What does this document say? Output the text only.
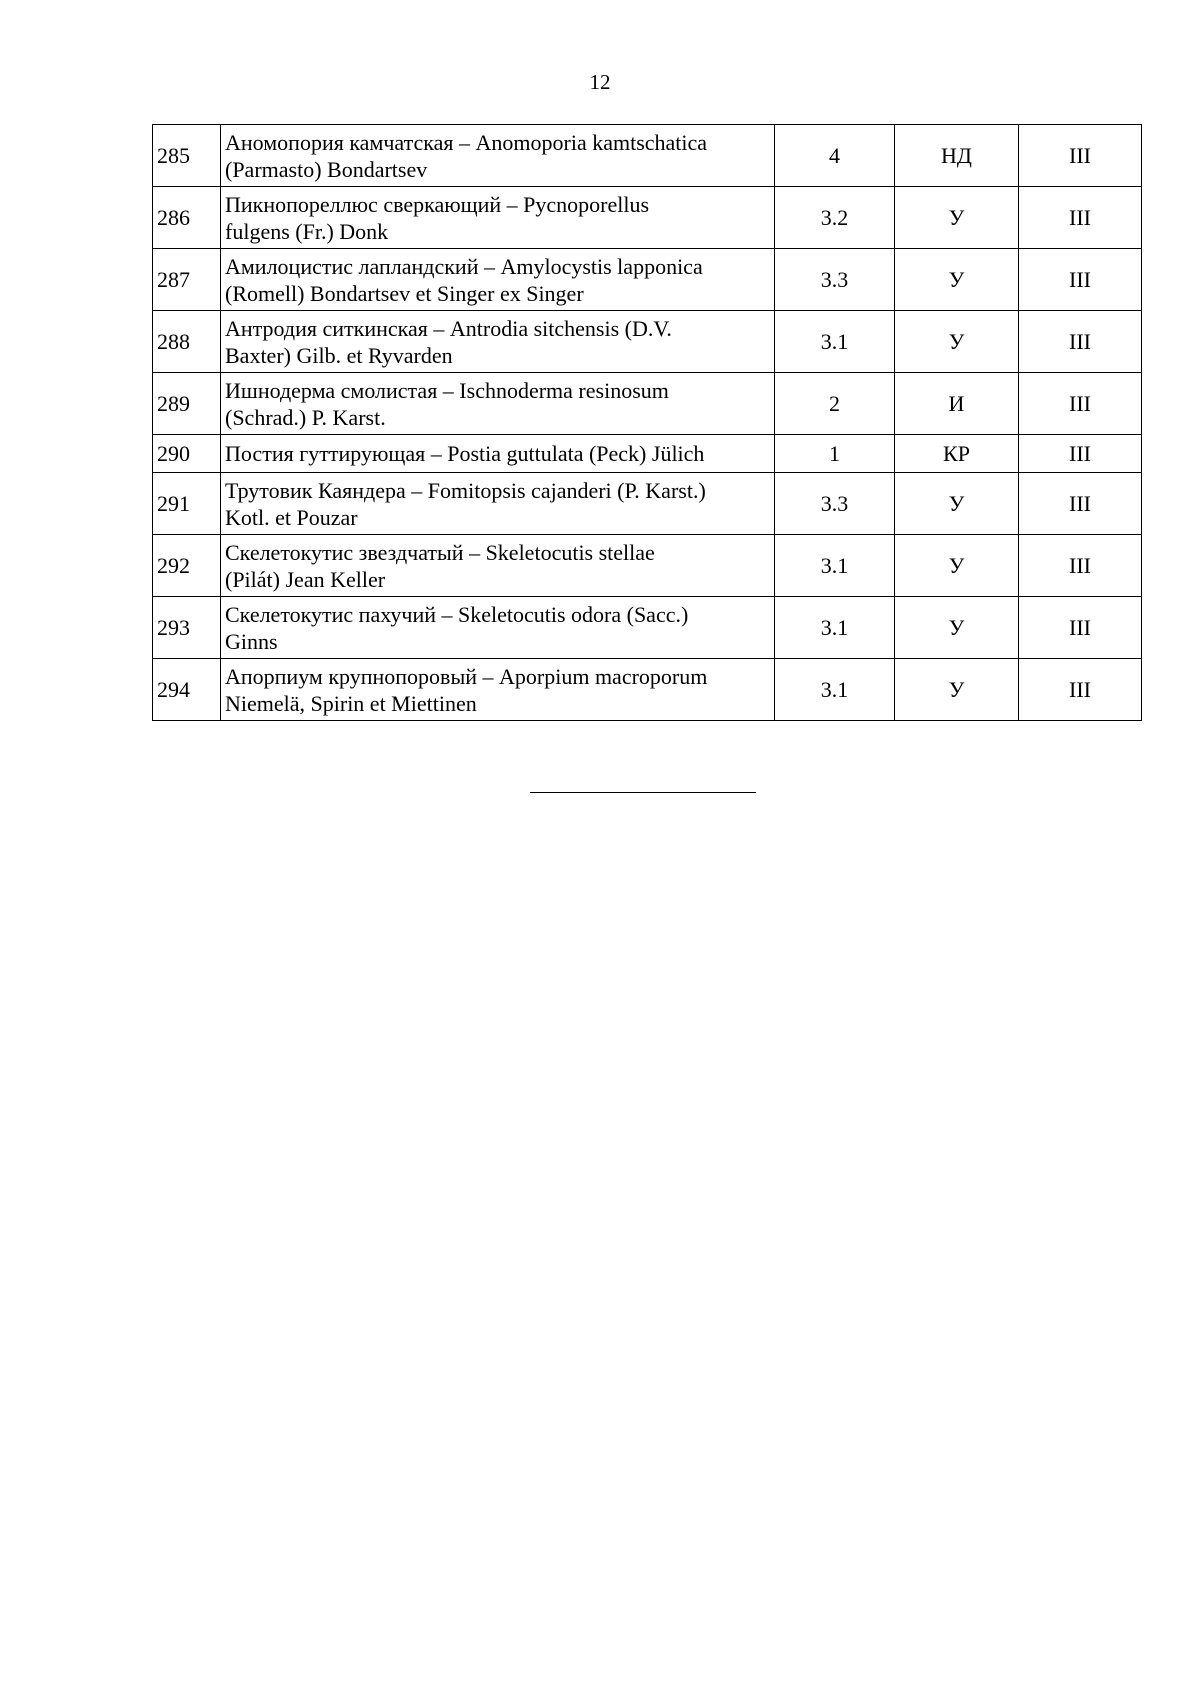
12
285	Аномопория камчатская – Anomoporia kamtschatica
(Parmasto) Bondartsev	4	НД	III
286	Пикнопореллюс сверкающий – Pycnoporellus
fulgens (Fr.) Donk	3.2	У	III
287	Амилоцистис лапландский – Amylocystis lapponica
(Romell) Bondartsev et Singer ex Singer	3.3	У	III
288	Антродия ситкинская – Antrodia sitchensis (D.V.
Baxter) Gilb. et Ryvarden	3.1	У	III
289	Ишнодерма смолистая – Ischnoderma resinosum
(Schrad.) P. Karst.	2	И	III
290	Постия гуттирующая – Postia guttulata (Peck) Jülich	1	КР	III
291	Трутовик Каяндера – Fomitopsis cajanderi (P. Karst.)
Kotl. et Pouzar	3.3	У	III
292	Скелетокутис звездчатый – Skeletocutis stellae
(Pilát) Jean Keller	3.1	У	III
293	Скелетокутис пахучий – Skeletocutis odora (Sacc.)
Ginns	3.1	У	III
294	Апорпиум крупнопоровый – Aporpium macroporum
Niemelä, Spirin et Miettinen	3.1	У	III
